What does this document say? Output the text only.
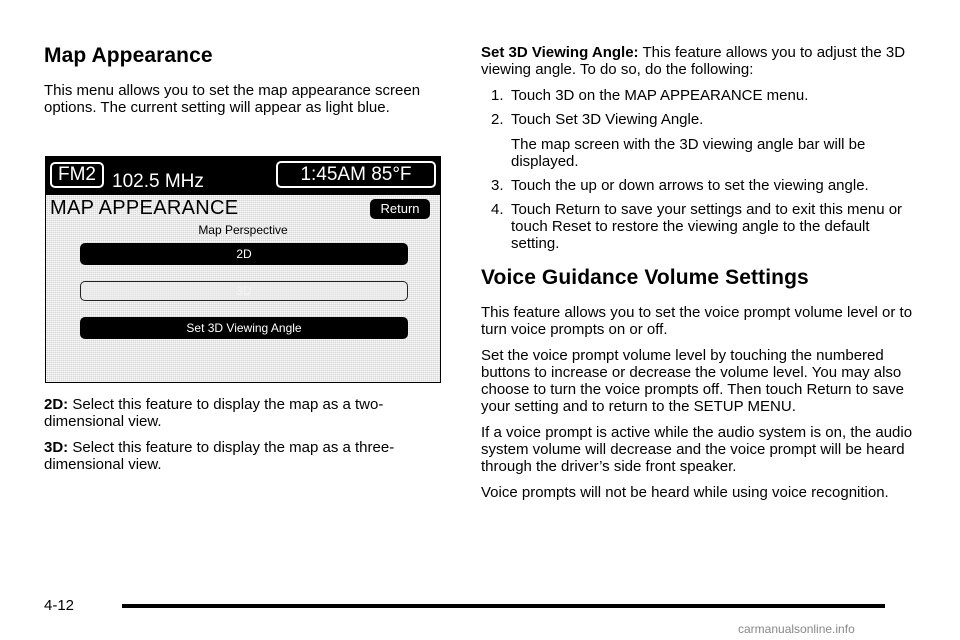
Map Appearance

This menu allows you to set the map appearance screen options. The current setting will appear as light blue.

FM2 102.5 MHz	1:45AM 85°F
MAP APPEARANCE	Return
Map Perspective
2D
3D
Set 3D Viewing Angle

2D: Select this feature to display the map as a two-dimensional view.

3D: Select this feature to display the map as a three-dimensional view.

Set 3D Viewing Angle: This feature allows you to adjust the 3D viewing angle. To do so, do the following:

1. Touch 3D on the MAP APPEARANCE menu.
2. Touch Set 3D Viewing Angle.
The map screen with the 3D viewing angle bar will be displayed.
3. Touch the up or down arrows to set the viewing angle.
4. Touch Return to save your settings and to exit this menu or touch Reset to restore the viewing angle to the default setting.
Voice Guidance Volume Settings

This feature allows you to set the voice prompt volume level or to turn voice prompts on or off.

Set the voice prompt volume level by touching the numbered buttons to increase or decrease the volume level. You may also choose to turn the voice prompts off. Then touch Return to save your setting and to return to the SETUP MENU.

If a voice prompt is active while the audio system is on, the audio system volume will decrease and the voice prompt will be heard through the driver’s side front speaker.

Voice prompts will not be heard while using voice recognition.

4-12
carmanualsonline.info
